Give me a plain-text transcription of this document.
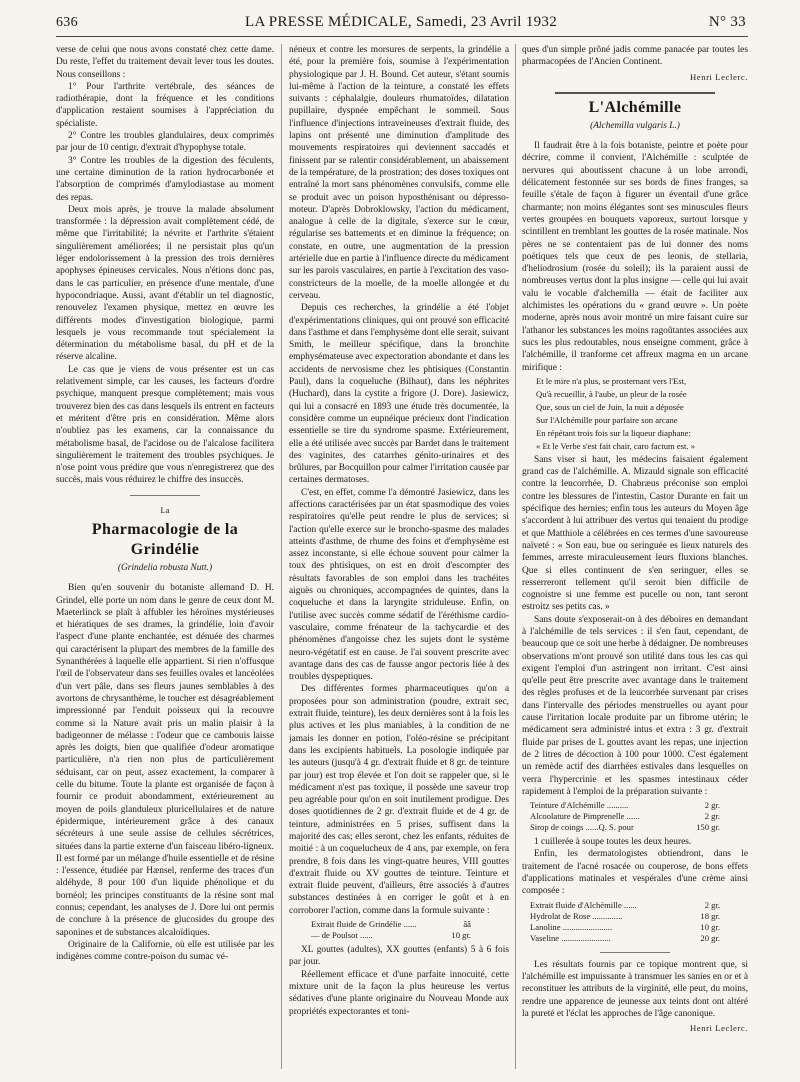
636	LA PRESSE MÉDICALE, Samedi, 23 Avril 1932	N° 33

verse de celui que nous avons constaté chez cette dame. Du reste, l'effet du traitement devait lever tous les doutes. Nous conseillons :

1° Pour l'arthrite vertébrale, des séances de radiothérapie, dont la fréquence et les conditions d'application restaient soumises à l'appréciation du spécialiste.

2° Contre les troubles glandulaires, deux comprimés par jour de 10 centigr. d'extrait d'hypophyse totale.

3° Contre les troubles de la digestion des féculents, une certaine diminution de la ration hydrocarbonée et l'absorption de comprimés d'amylodiastase au moment des repas.

Deux mois après, je trouve la malade absolument transformée : la dépression avait complètement cédé, de même que l'irritabilité; la névrite et l'arthrite s'étaient singulièrement améliorées; il ne persistait plus qu'un léger endolorissement à la pression des trois dernières apophyses épineuses cervicales. Nous n'étions donc pas, dans le cas particulier, en présence d'une mentale, d'une hypocondriaque. Aussi, avant d'établir un tel diagnostic, renouvelez l'examen physique, mettez en œuvre les différents modes d'investigation biologique, parmi lesquels je vous recommande tout spécialement la détermination du métabolisme basal, du pH et de la réserve alcaline.

Le cas que je viens de vous présenter est un cas relativement simple, car les causes, les facteurs d'ordre psychique, manquent presque complètement; mais vous trouverez bien des cas dans lesquels ils entrent en facteurs et méritent d'être pris en considération. Même alors n'oubliez pas les examens, car la connaissance du métabolisme basal, de l'acidose ou de l'alcalose facilitera singulièrement le traitement des troubles psychiques. Je n'ose point vous prédire que vous n'enregistrerez que des succès, mais vous réduirez le chiffre des insuccès.

La
Pharmacologie de la Grindélie
(Grindelia robusta Nutt.)

Bien qu'en souvenir du botaniste allemand D. H. Grindel, elle porte un nom dans le genre de ceux dont M. Maeterlinck se plaît à affubler les héroïnes mystérieuses et hiératiques de ses drames, la grindélie, loin d'avoir l'aspect d'une plante enchantée, est dénuée des charmes qui caractérisent la plupart des membres de la famille des Synanthérées à laquelle elle appartient. Si rien n'offusque l'œil de l'observateur dans ses feuilles ovales et lancéolées d'un vert pâle, dans ses fleurs jaunes semblables à des avortons de chrysanthème, le toucher est désagréablement impressionné par l'enduit poisseux qui la recouvre comme si la Nature avait pris un malin plaisir à la badigeonner de mélasse : l'odeur que ce cambouis laisse après les doigts, bien que qualifiée d'odeur aromatique particulière, n'a rien non plus de particulièrement séduisant, car on peut, assez exactement, la comparer à celle du bitume. Toute la plante est organisée de façon à fournir ce produit abondamment, extérieurement au moyen de poils glanduleux pluricellulaires et de nature épidermique, intérieurement grâce à des canaux sécréteurs à une seule assise de cellules sécrétrices, situées dans la partie externe d'un faisceau libéro-ligneux. Il est formé par un mélange d'huile essentielle et de résine : l'essence, étudiée par Hænsel, renferme des traces d'un aldéhyde, 8 pour 100 d'un liquide phénolique et du bornéol; les principes constituants de la résine sont mal connus; cependant, les analyses de J. Dore lui ont permis de conclure à la présence de glucosides du groupe des saponines et de substances alcaloïdiques.

Originaire de la Californie, où elle est utilisée par les indigènes comme contre-poison du sumac vé-

néneux et contre les morsures de serpents, la grindélie a été, pour la première fois, soumise à l'expérimentation physiologique par J. H. Bound. Cet auteur, s'étant soumis lui-même à l'action de la teinture, a constaté les effets suivants : céphalalgie, douleurs rhumatoïdes, dilatation pupillaire, dyspnée empêchant le sommeil. Sous l'influence d'injections intraveineuses d'extrait fluide, des lapins ont présenté une diminution d'amplitude des mouvements respiratoires qui deviennent saccadés et finissent par se ralentir considérablement, un abaissement de la température, de la prostration; des doses toxiques ont entraîné la mort sans phénomènes convulsifs, comme elle se produit avec un poison hyposthénisant ou dépresso-moteur. D'après Dobroklowsky, l'action du médicament, analogue à celle de la digitale, s'exerce sur le cœur, régularise ses battements et en diminue la fréquence; on constate, en outre, une augmentation de la pression artérielle due en partie à l'influence directe du médicament sur les parois vasculaires, en partie à l'excitation des vaso-constricteurs de la moelle, de la moelle allongée et du cerveau.

Depuis ces recherches, la grindélie a été l'objet d'expérimentations cliniques, qui ont prouvé son efficacité dans l'asthme et dans l'emphysème dont elle serait, suivant Smith, le meilleur spécifique, dans la bronchite emphysémateuse avec expectoration abondante et dans les accidents de nervosisme chez les phtisiques (Constantin Paul), dans la coqueluche (Bilhaut), dans les néphrites (Huchard), dans la cystite a frigore (J. Dore). Jasiewicz, qui lui a consacré en 1893 une étude très documentée, la considère comme un eupnéique précieux dont l'indication essentielle se tire du syndrome spasme. Extérieurement, elle a été utilisée avec succès par Bardet dans le traitement des vaginites, des catarrhes génito-urinaires et des brûlures, par Bocquillon pour calmer l'irritation causée par certaines dermatoses.

C'est, en effet, comme l'a démontré Jasiewicz, dans les affections caractérisées par un état spasmodique des voies respiratoires qu'elle peut rendre le plus de services; si l'action qu'elle exerce sur le broncho-spasme des malades atteints d'asthme, de rhume des foins et d'emphysème est assez inconstante, si elle échoue souvent pour calmer la toux des phtisiques, on est en droit d'escompter des résultats favorables de son emploi dans les trachéites aiguës ou chroniques, accompagnées de quintes, dans la coqueluche et dans la laryngite striduleuse. Enfin, on l'utilise avec succès comme sédatif de l'éréthisme cardio-vasculaire, comme frénateur de la tachycardie et des phénomènes d'angoisse chez les sujets dont le système neuro-végétatif est en cause. Je l'ai souvent prescrite avec avantage dans des cas de fausse angor pectoris liée à des troubles dyspeptiques.

Des différentes formes pharmaceutiques qu'on a proposées pour son administration (poudre, extrait sec, extrait fluide, teinture), les deux dernières sont à la fois les plus actives et les plus maniables, à la condition de ne jamais les donner en potion, l'oléo-résine se précipitant dans les excipients habituels. La posologie indiquée par les auteurs (jusqu'à 4 gr. d'extrait fluide et 8 gr. de teinture par jour) est trop élevée et l'on doit se rappeler que, si le médicament n'est pas toxique, il possède une saveur trop peu agréable pour qu'on en soit inutilement prodigue. Des doses quotidiennes de 2 gr. d'extrait fluide et de 4 gr. de teinture, administrées en 5 prises, suffisent dans la majorité des cas; elles seront, chez les enfants, réduites de moitié : à un coquelucheux de 4 ans, par exemple, on fera prendre, 8 fois dans les vingt-quatre heures, VIII gouttes d'extrait fluide ou XV gouttes de teinture. Teinture et extrait fluide peuvent, d'ailleurs, être associés à d'autres substances destinées à en corriger le goût et à en corroborer l'action, comme dans la formule suivante :

Extrait fluide de Grindélie ......	ââ
— de Poulsot ......	10 gr.

XL gouttes (adultes), XX gouttes (enfants) 5 à 6 fois par jour.

Réellement efficace et d'une parfaite innocuité, cette mixture unit de la façon la plus heureuse les vertus sédatives d'une plante originaire du Nouveau Monde aux propriétés expectorantes et toni-

ques d'un simple prôné jadis comme panacée par toutes les pharmacopées de l'Ancien Continent.

Henri Leclerc.
L'Alchémille
(Alchemilla vulgaris L.)

Il faudrait être à la fois botaniste, peintre et poète pour décrire, comme il convient, l'Alchémille : sculptée de nervures qui aboutissent chacune à un lobe arrondi, délicatement festonnée sur ses bords de fines franges, sa feuille s'étale de façon à figurer un éventail d'une grâce charmante; non moins élégantes sont ses minuscules fleurs vertes groupées en bouquets vaporeux, surtout lorsque y scintillent en tremblant les gouttes de la rosée matinale. Nos pères ne se contentaient pas de lui donner des noms poétiques tels que ceux de pes leonis, de stellaria, d'heliodrosium (rosée du soleil); ils la paraient aussi de nombreuses vertus dont la plus insigne — celle qui lui avait valu le vocable d'alchemilla — était de faciliter aux alchimistes les opérations du « grand œuvre ». Un poète moderne, après nous avoir montré un mire faisant cuire sur l'athanor les substances les moins ragoûtantes associées aux sucs les plus redoutables, nous enseigne comment, grâce à l'alchémille, il tranforme cet affreux magma en un arcane mirifique :

Et le mire n'a plus, se prosternant vers l'Est,
Qu'à recueillir, à l'aube, un pleur de la rosée
Que, sous un ciel de Juin, la nuit a déposée
Sur l'Alchémille pour parfaire son arcane
En répétant trois fois sur la liqueur diaphane:
« Et le Verbe s'est fait chair, caro factum est. »

Sans viser si haut, les médecins faisaient également grand cas de l'alchémille. A. Mizauld signale son efficacité contre la leucorrhée, D. Chabræus préconise son emploi contre les blessures de l'intestin, Castor Durante en fait un spécifique des hernies; enfin tous les auteurs du Moyen âge s'accordent à lui attribuer des vertus qui tenaient du prodige et que Matthiole a célébrées en ces termes d'une savoureuse naïveté : « Son eau, bue ou seringuée es lieux naturels des femmes, arreste miraculeusement leurs fluxions blanches. Que si elles continuent de s'en seringuer, elles se resserreront tellement qu'il seroit bien difficile de cognoistre si une femme est pucelle ou non, tant seront estroitz ses petits cas. »

Sans doute s'exposerait-on à des déboires en demandant à l'alchémille de tels services : il s'en faut, cependant, de beaucoup que ce soit une herbe à dédaigner. De nombreuses observations m'ont prouvé son utilité dans tous les cas qui exigent l'emploi d'un astringent non irritant. C'est ainsi qu'elle peut être prescrite avec avantage dans le traitement des règles profuses et de la leucorrhée survenant par crises dans l'intervalle des périodes menstruelles ou ayant pour cause l'irritation locale produite par un fibrome utérin; le médicament sera administré intus et extra : 3 gr. d'extrait fluide par prises de L gouttes avant les repas, une injection de 2 litres de décoction à 100 pour 1000. C'est également un remède actif des diarrhées estivales dans lesquelles on verra l'hypercrinie et les spasmes intestinaux céder rapidement à l'emploi de la préparation suivante :

Teinture d'Alchémille ..........	2 gr.
Alcoolature de Pimprenelle ......	2 gr.
Sirop de coings ......Q. S. pour	150 gr.

1 cuillerée à soupe toutes les deux heures.

Enfin, les dermatologistes obtiendront, dans le traitement de l'acné rosacée ou couperose, de bons effets d'applications matinales et vespérales d'une crème ainsi composée :

Extrait fluide d'Alchémille ......	2 gr.
Hydrolat de Rose ..............	18 gr.
Lanoline .......................	10 gr.
Vaseline .......................	20 gr.

Les résultats fournis par ce topique montrent que, si l'alchémille est impuissante à transmuer les sanies en or et à reconstituer les attributs de la virginité, elle peut, du moins, rendre une apparence de jeunesse aux teints dont ont altéré la pureté et l'éclat les approches de l'âge canonique.

Henri Leclerc.
